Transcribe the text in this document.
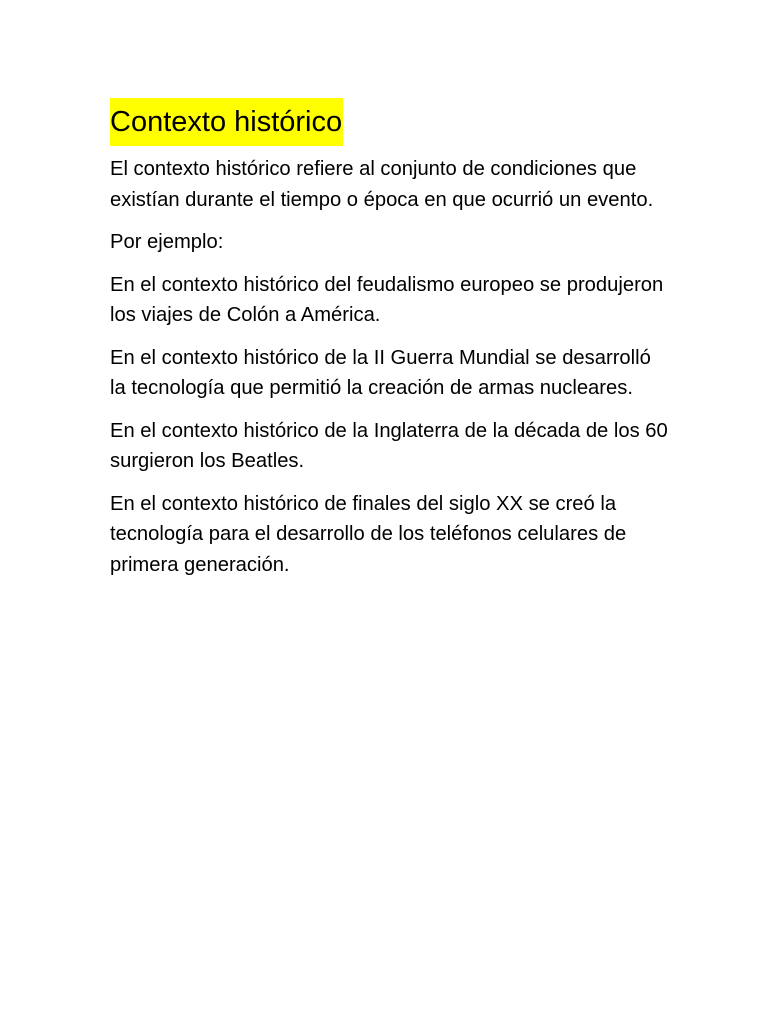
Contexto histórico

El contexto histórico refiere al conjunto de condiciones que existían durante el tiempo o época en que ocurrió un evento.

Por ejemplo:

En el contexto histórico del feudalismo europeo se produjeron los viajes de Colón a América.

En el contexto histórico de la II Guerra Mundial se desarrolló la tecnología que permitió la creación de armas nucleares.

En el contexto histórico de la Inglaterra de la década de los 60 surgieron los Beatles.

En el contexto histórico de finales del siglo XX se creó la tecnología para el desarrollo de los teléfonos celulares de primera generación.
